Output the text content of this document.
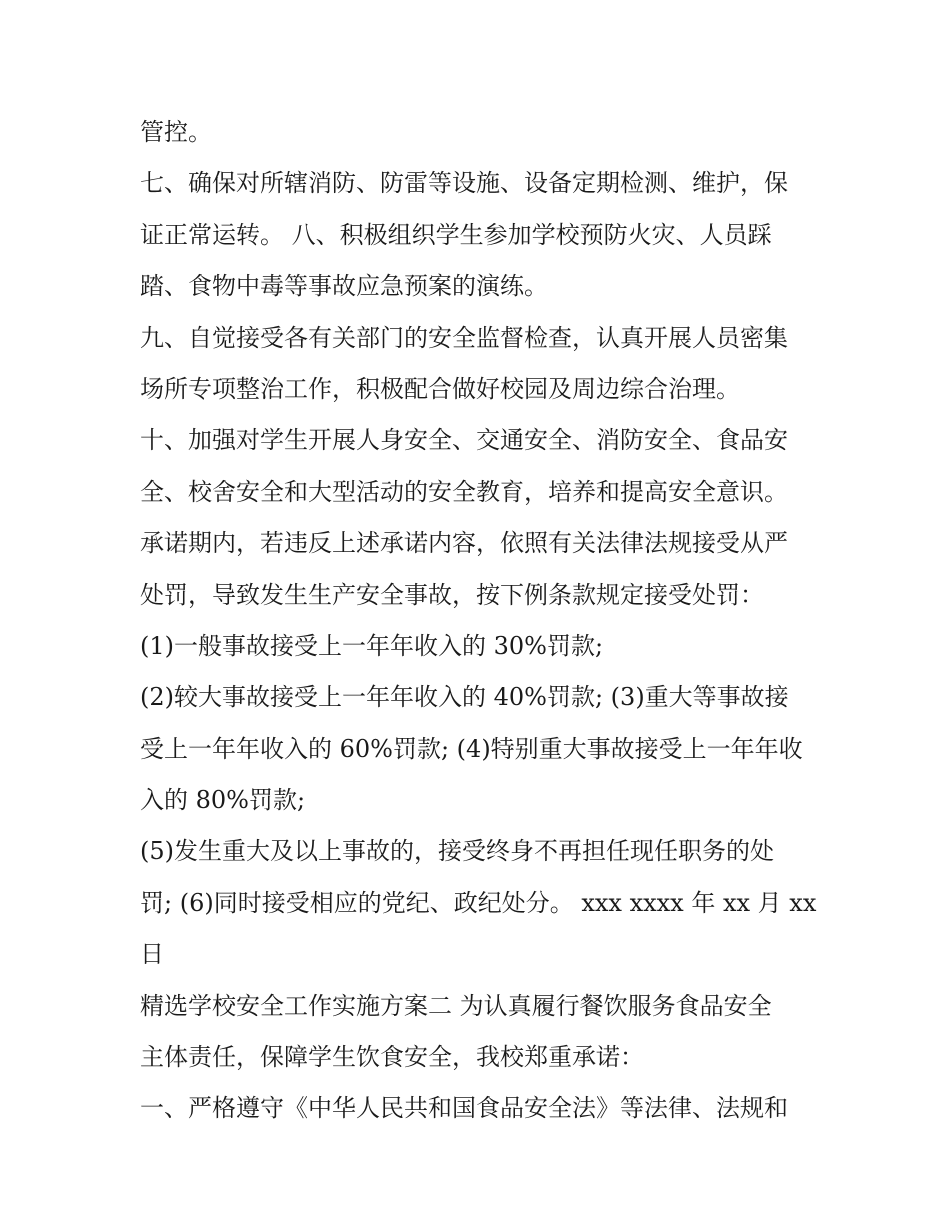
管控。
七、确保对所辖消防、防雷等设施、设备定期检测、维护，保
证正常运转。 八、积极组织学生参加学校预防火灾、人员踩
踏、食物中毒等事故应急预案的演练。
九、自觉接受各有关部门的安全监督检查，认真开展人员密集
场所专项整治工作，积极配合做好校园及周边综合治理。
十、加强对学生开展人身安全、交通安全、消防安全、食品安
全、校舍安全和大型活动的安全教育，培养和提高安全意识。
承诺期内，若违反上述承诺内容，依照有关法律法规接受从严
处罚，导致发生生产安全事故，按下例条款规定接受处罚：
(1)一般事故接受上一年年收入的 30%罚款;
(2)较大事故接受上一年年收入的 40%罚款; (3)重大等事故接
受上一年年收入的 60%罚款; (4)特别重大事故接受上一年年收
入的 80%罚款;
(5)发生重大及以上事故的，接受终身不再担任现任职务的处
罚; (6)同时接受相应的党纪、政纪处分。 xxx xxxx 年 xx 月 xx
日
精选学校安全工作实施方案二 为认真履行餐饮服务食品安全
主体责任，保障学生饮食安全，我校郑重承诺：
一、严格遵守《中华人民共和国食品安全法》等法律、法规和
